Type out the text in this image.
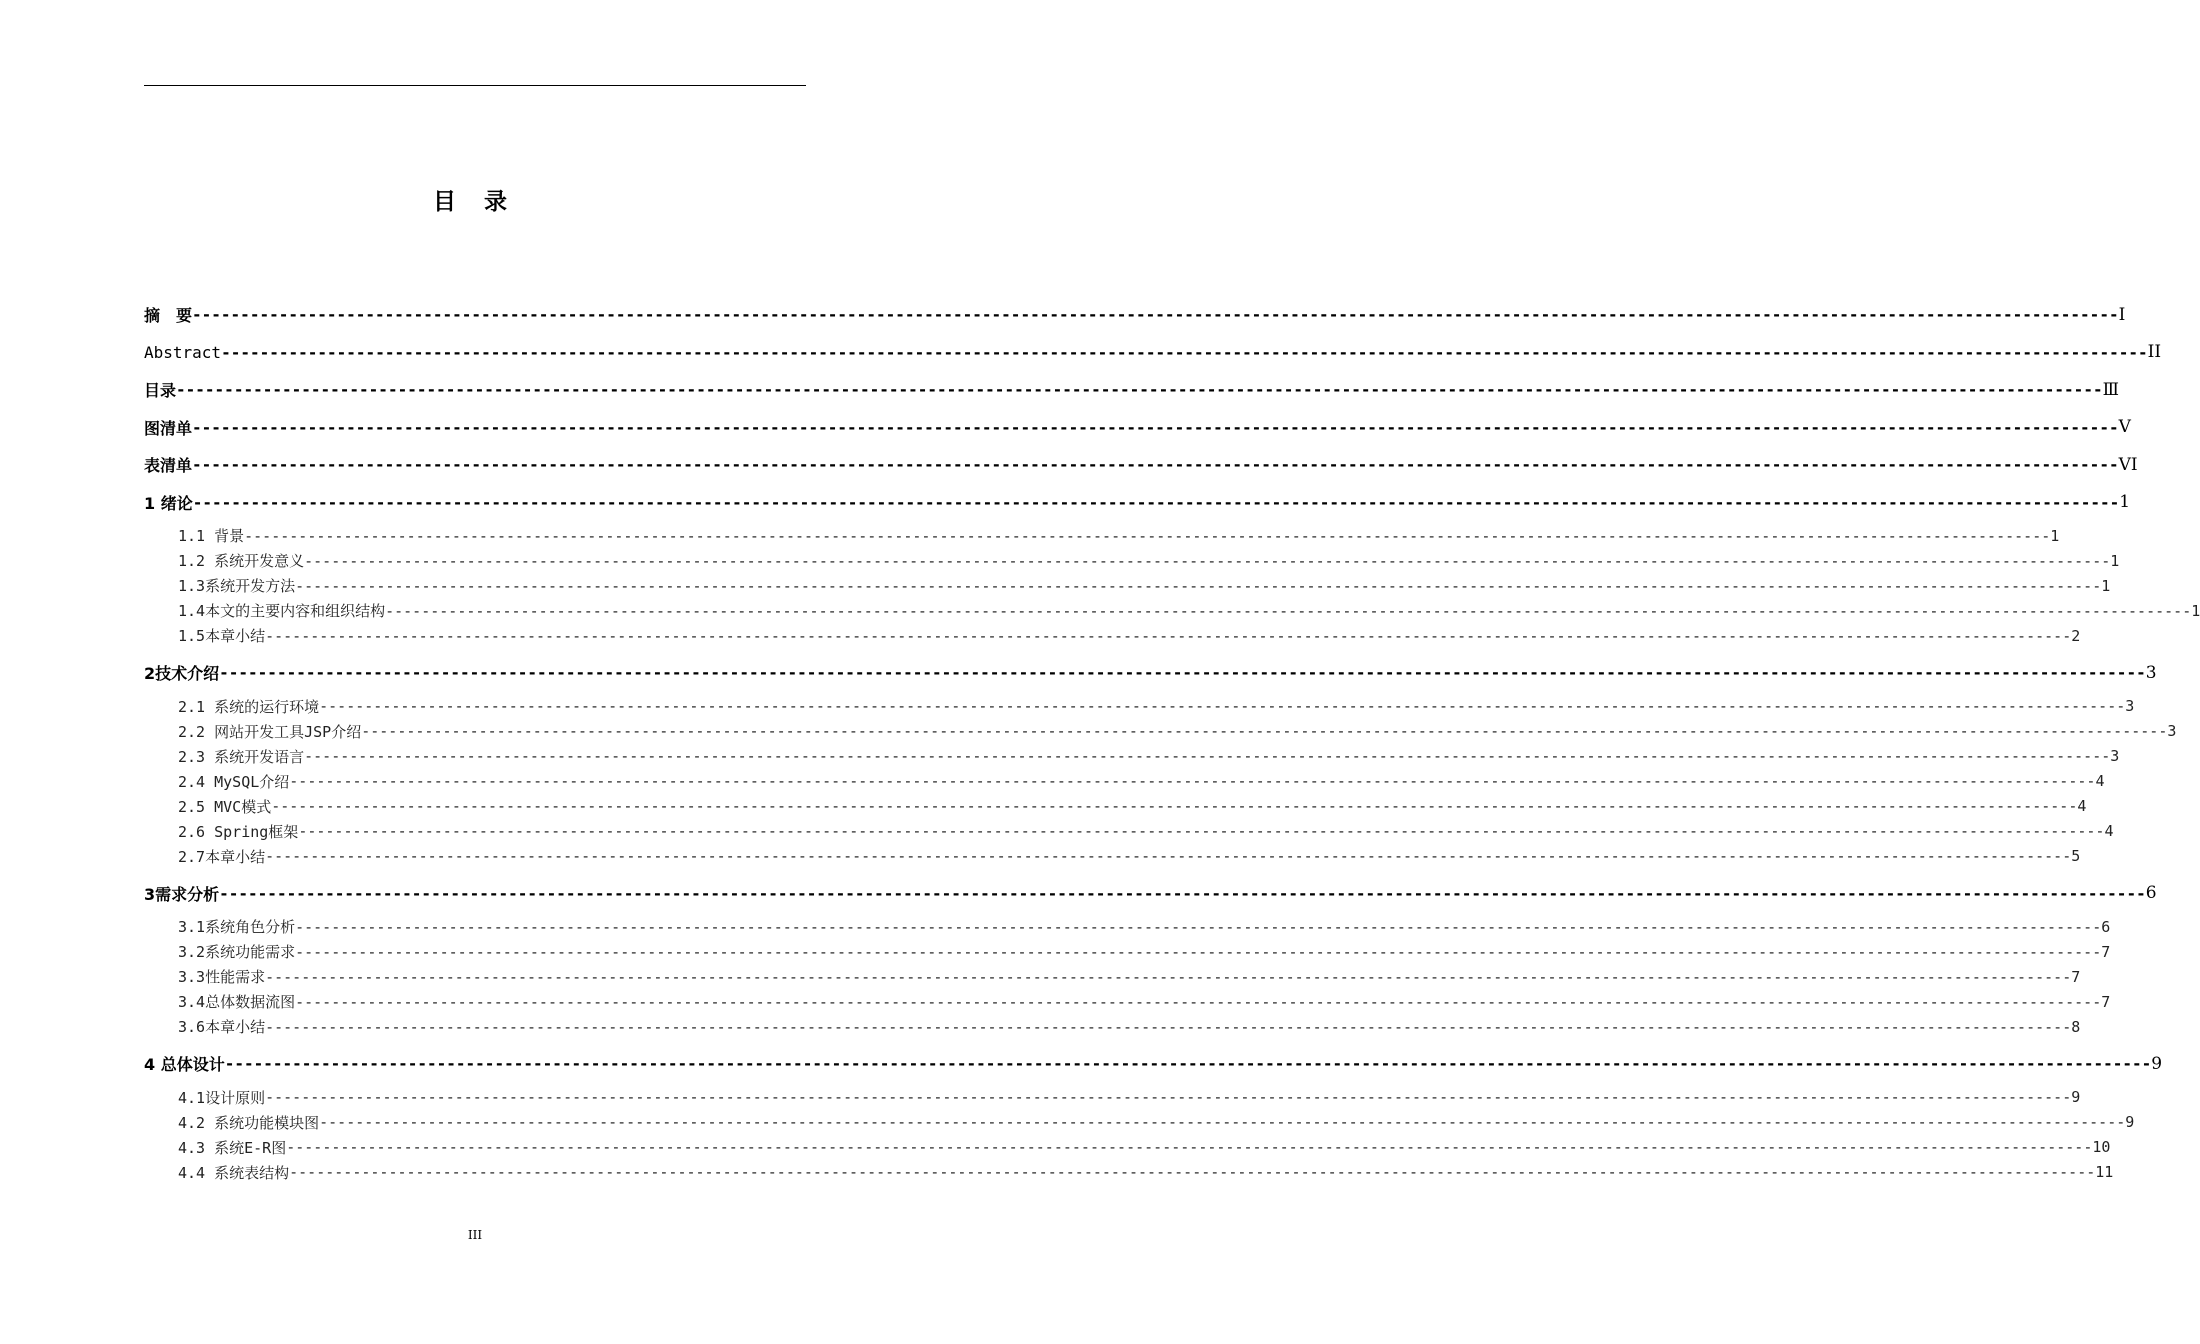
目 录
摘　要 -------------------------------------------------------------------------------------------------------------------------------------------------------------------------------------------------------- I
Abstract -------------------------------------------------------------------------------------------------------------------------------------------------------------------------------------------------------- II
目录 -------------------------------------------------------------------------------------------------------------------------------------------------------------------------------------------------------- Ⅲ
图清单 -------------------------------------------------------------------------------------------------------------------------------------------------------------------------------------------------------- Ⅴ
表清单 -------------------------------------------------------------------------------------------------------------------------------------------------------------------------------------------------------- VI
1 绪论 -------------------------------------------------------------------------------------------------------------------------------------------------------------------------------------------------------- 1
1.1 背景 -------------------------------------------------------------------------------------------------------------------------------------------------------------------------------------------------------- 1
1.2 系统开发意义 -------------------------------------------------------------------------------------------------------------------------------------------------------------------------------------------------------- 1
1.3系统开发方法 -------------------------------------------------------------------------------------------------------------------------------------------------------------------------------------------------------- 1
1.4本文的主要内容和组织结构 -------------------------------------------------------------------------------------------------------------------------------------------------------------------------------------------------------- 1
1.5本章小结 -------------------------------------------------------------------------------------------------------------------------------------------------------------------------------------------------------- 2
2技术介绍 -------------------------------------------------------------------------------------------------------------------------------------------------------------------------------------------------------- 3
2.1 系统的运行环境 -------------------------------------------------------------------------------------------------------------------------------------------------------------------------------------------------------- 3
2.2 网站开发工具JSP介绍 -------------------------------------------------------------------------------------------------------------------------------------------------------------------------------------------------------- 3
2.3 系统开发语言 -------------------------------------------------------------------------------------------------------------------------------------------------------------------------------------------------------- 3
2.4 MySQL介绍 -------------------------------------------------------------------------------------------------------------------------------------------------------------------------------------------------------- 4
2.5 MVC模式 -------------------------------------------------------------------------------------------------------------------------------------------------------------------------------------------------------- 4
2.6 Spring框架 -------------------------------------------------------------------------------------------------------------------------------------------------------------------------------------------------------- 4
2.7本章小结 -------------------------------------------------------------------------------------------------------------------------------------------------------------------------------------------------------- 5
3需求分析 -------------------------------------------------------------------------------------------------------------------------------------------------------------------------------------------------------- 6
3.1系统角色分析 -------------------------------------------------------------------------------------------------------------------------------------------------------------------------------------------------------- 6
3.2系统功能需求 -------------------------------------------------------------------------------------------------------------------------------------------------------------------------------------------------------- 7
3.3性能需求 -------------------------------------------------------------------------------------------------------------------------------------------------------------------------------------------------------- 7
3.4总体数据流图 -------------------------------------------------------------------------------------------------------------------------------------------------------------------------------------------------------- 7
3.6本章小结 -------------------------------------------------------------------------------------------------------------------------------------------------------------------------------------------------------- 8
4 总体设计 -------------------------------------------------------------------------------------------------------------------------------------------------------------------------------------------------------- 9
4.1设计原则 -------------------------------------------------------------------------------------------------------------------------------------------------------------------------------------------------------- 9
4.2 系统功能模块图 -------------------------------------------------------------------------------------------------------------------------------------------------------------------------------------------------------- 9
4.3 系统E-R图 -------------------------------------------------------------------------------------------------------------------------------------------------------------------------------------------------------- 10
4.4 系统表结构 -------------------------------------------------------------------------------------------------------------------------------------------------------------------------------------------------------- 11
III
